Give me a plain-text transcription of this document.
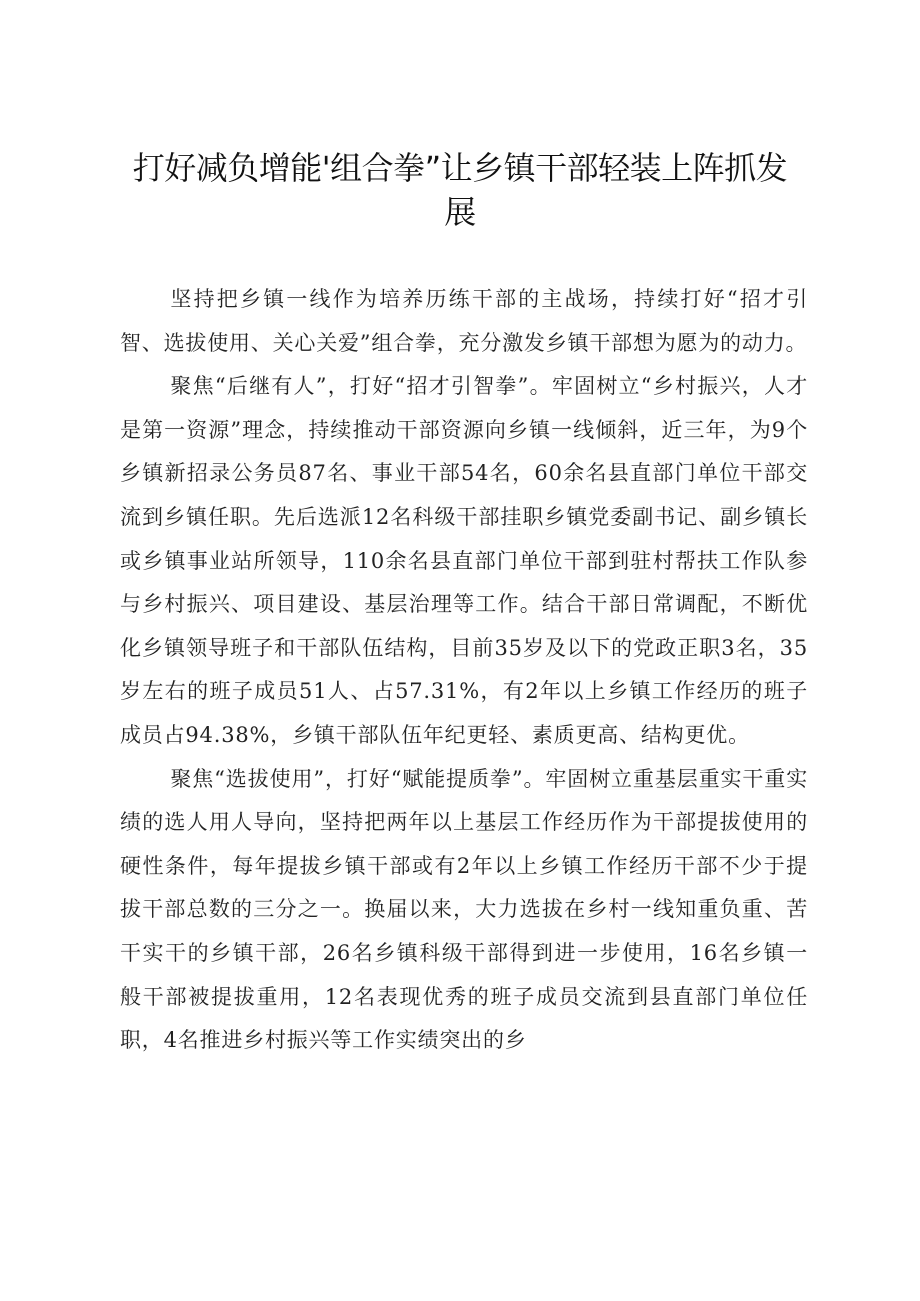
打好减负增能'组合拳”让乡镇干部轻装上阵抓发展

坚持把乡镇一线作为培养历练干部的主战场，持续打好“招才引智、选拔使用、关心关爱”组合拳，充分激发乡镇干部想为愿为的动力。

聚焦“后继有人”，打好“招才引智拳”。牢固树立“乡村振兴，人才是第一资源”理念，持续推动干部资源向乡镇一线倾斜，近三年，为9个乡镇新招录公务员87名、事业干部54名，60余名县直部门单位干部交流到乡镇任职。先后选派12名科级干部挂职乡镇党委副书记、副乡镇长或乡镇事业站所领导，110余名县直部门单位干部到驻村帮扶工作队参与乡村振兴、项目建设、基层治理等工作。结合干部日常调配，不断优化乡镇领导班子和干部队伍结构，目前35岁及以下的党政正职3名，35岁左右的班子成员51人、占57.31%，有2年以上乡镇工作经历的班子成员占94.38%，乡镇干部队伍年纪更轻、素质更高、结构更优。

聚焦“选拔使用”，打好“赋能提质拳”。牢固树立重基层重实干重实绩的选人用人导向，坚持把两年以上基层工作经历作为干部提拔使用的硬性条件，每年提拔乡镇干部或有2年以上乡镇工作经历干部不少于提拔干部总数的三分之一。换届以来，大力选拔在乡村一线知重负重、苦干实干的乡镇干部，26名乡镇科级干部得到进一步使用，16名乡镇一般干部被提拔重用，12名表现优秀的班子成员交流到县直部门单位任职，4名推进乡村振兴等工作实绩突出的乡
